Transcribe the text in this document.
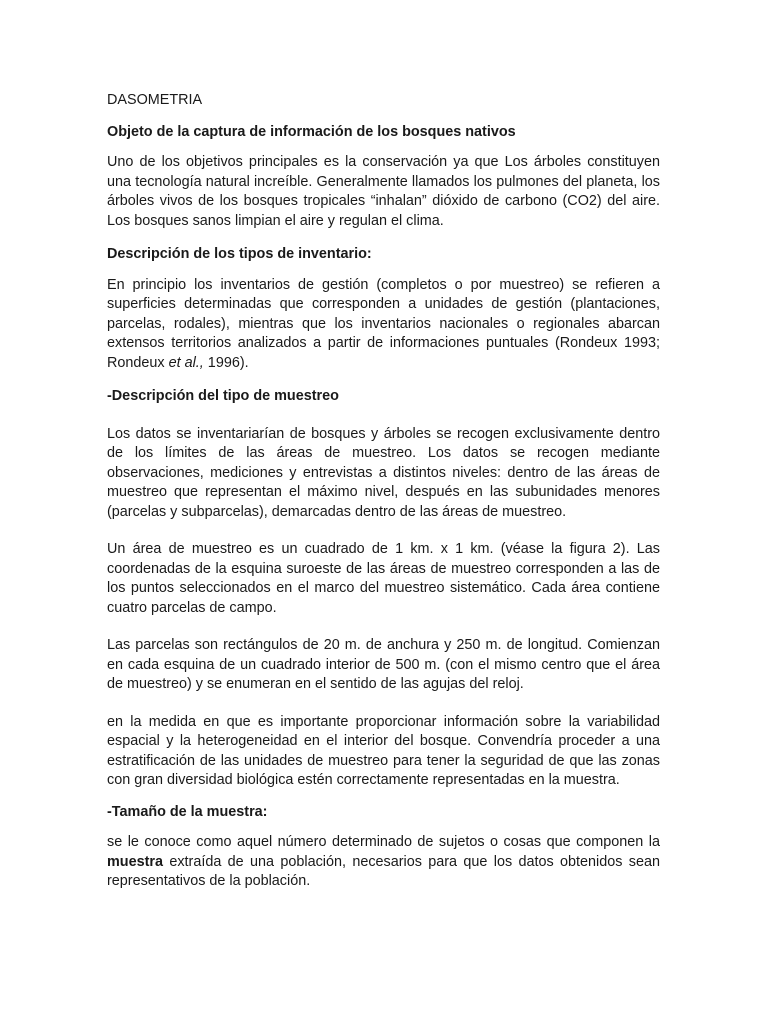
DASOMETRIA

Objeto de la captura de información de los bosques nativos

Uno de los objetivos principales es la conservación ya que Los árboles constituyen una tecnología natural increíble. Generalmente llamados los pulmones del planeta, los árboles vivos de los bosques tropicales “inhalan” dióxido de carbono (CO2) del aire. Los bosques sanos limpian el aire y regulan el clima.

Descripción de los tipos de inventario:

En principio los inventarios de gestión (completos o por muestreo) se refieren a superficies determinadas que corresponden a unidades de gestión (plantaciones, parcelas, rodales), mientras que los inventarios nacionales o regionales abarcan extensos territorios analizados a partir de informaciones puntuales (Rondeux 1993; Rondeux et al., 1996).

-Descripción del tipo de muestreo

Los datos se inventariarían de bosques y árboles se recogen exclusivamente dentro de los límites de las áreas de muestreo. Los datos se recogen mediante observaciones, mediciones y entrevistas a distintos niveles: dentro de las áreas de muestreo que representan el máximo nivel, después en las subunidades menores (parcelas y subparcelas), demarcadas dentro de las áreas de muestreo.

Un área de muestreo es un cuadrado de 1 km. x 1 km. (véase la figura 2). Las coordenadas de la esquina suroeste de las áreas de muestreo corresponden a las de los puntos seleccionados en el marco del muestreo sistemático. Cada área contiene cuatro parcelas de campo.

Las parcelas son rectángulos de 20 m. de anchura y 250 m. de longitud. Comienzan en cada esquina de un cuadrado interior de 500 m. (con el mismo centro que el área de muestreo) y se enumeran en el sentido de las agujas del reloj.

en la medida en que es importante proporcionar información sobre la variabilidad espacial y la heterogeneidad en el interior del bosque. Convendría proceder a una estratificación de las unidades de muestreo para tener la seguridad de que las zonas con gran diversidad biológica estén correctamente representadas en la muestra.

-Tamaño de la muestra:

se le conoce como aquel número determinado de sujetos o cosas que componen la muestra extraída de una población, necesarios para que los datos obtenidos sean representativos de la población.
